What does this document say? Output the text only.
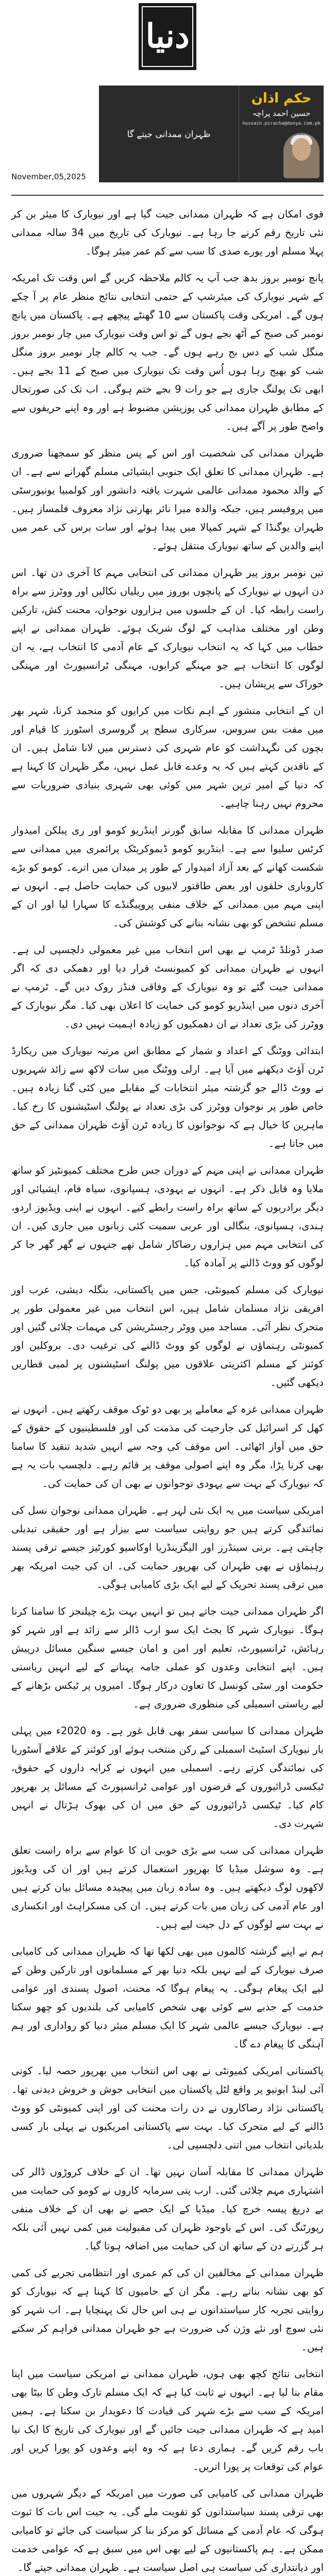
دنیا
November,05,2025
ظہران ممدانی جیتے گا
حکم اذان
حسین احمد پراچہ
hussain.piracha@dunya.com.pk

قوی امکان ہے کہ ظہران ممدانی جیت گیا ہے اور نیویارک کا میئر بن کر نئی تاریخ رقم کرنے جا رہا ہے۔ نیویارک کی تاریخ میں 34 سالہ ممدانی پہلا مسلم اور پورے صدی کا سب سے کم عمر میئر ہوگا۔

پانچ نومبر بروز بدھ جب آپ یہ کالم ملاحظہ کریں گے اس وقت تک امریکہ کے شہر نیویارک کی میئرشپ کے حتمی انتخابی نتائج منظر عام پر آ چکے ہوں گے۔ امریکی وقت پاکستان سے 10 گھنٹے پیچھے ہے۔ پاکستان میں پانچ نومبر کی صبح کے آٹھ بجے ہوں گے تو اس وقت نیویارک میں چار نومبر بروز منگل شب کے دس بج رہے ہوں گے۔ جب یہ کالم چار نومبر بروز منگل شب کو بھیج رہا ہوں اُس وقت تک نیویارک میں صبح کے 11 بجے ہیں۔ ابھی تک پولنگ جاری ہے جو رات 9 بجے ختم ہوگی۔ اب تک کی صورتحال کے مطابق ظہران ممدانی کی پوزیشن مضبوط ہے اور وہ اپنے حریفوں سے واضح طور پر آگے ہیں۔

ظہران ممدانی کی شخصیت اور اس کے پس منظر کو سمجھنا ضروری ہے۔ ظہران ممدانی کا تعلق ایک جنوبی ایشیائی مسلم گھرانے سے ہے۔ ان کے والد محمود ممدانی عالمی شہرت یافتہ دانشور اور کولمبیا یونیورسٹی میں پروفیسر ہیں، جبکہ والدہ میرا نائر بھارتی نژاد معروف فلمساز ہیں۔ ظہران یوگنڈا کے شہر کمپالا میں پیدا ہوئے اور سات برس کی عمر میں اپنے والدین کے ساتھ نیویارک منتقل ہوئے۔

تین نومبر بروز پیر ظہران ممدانی کی انتخابی مہم کا آخری دن تھا۔ اس دن انہوں نے نیویارک کے پانچوں بوروز میں ریلیاں نکالیں اور ووٹرز سے براہ راست رابطہ کیا۔ ان کے جلسوں میں ہزاروں نوجوان، محنت کش، تارکین وطن اور مختلف مذاہب کے لوگ شریک ہوئے۔ ظہران ممدانی نے اپنے خطاب میں کہا کہ یہ انتخاب نیویارک کے عام آدمی کا انتخاب ہے، یہ ان لوگوں کا انتخاب ہے جو مہنگے کرایوں، مہنگی ٹرانسپورٹ اور مہنگی خوراک سے پریشان ہیں۔

ان کے انتخابی منشور کے اہم نکات میں کرایوں کو منجمد کرنا، شہر بھر میں مفت بس سروس، سرکاری سطح پر گروسری اسٹورز کا قیام اور بچوں کی نگہداشت کو عام شہری کی دسترس میں لانا شامل ہیں۔ ان کے ناقدین کہتے ہیں کہ یہ وعدے قابل عمل نہیں، مگر ظہران کا کہنا ہے کہ دنیا کے امیر ترین شہر میں کوئی بھی شہری بنیادی ضروریات سے محروم نہیں رہنا چاہیے۔

ظہران ممدانی کا مقابلہ سابق گورنر اینڈریو کومو اور ری پبلکن امیدوار کرٹس سلیوا سے ہے۔ اینڈریو کومو ڈیموکریٹک پرائمری میں ممدانی سے شکست کھانے کے بعد آزاد امیدوار کے طور پر میدان میں اترے۔ کومو کو بڑے کاروباری حلقوں اور بعض طاقتور لابیوں کی حمایت حاصل ہے۔ انہوں نے اپنی مہم میں ممدانی کے خلاف منفی پروپیگنڈے کا سہارا لیا اور ان کے مسلم تشخص کو بھی نشانہ بنانے کی کوشش کی۔

صدر ڈونلڈ ٹرمپ نے بھی اس انتخاب میں غیر معمولی دلچسپی لی ہے۔ انہوں نے ظہران ممدانی کو کمیونسٹ قرار دیا اور دھمکی دی کہ اگر ممدانی جیت گئے تو وہ نیویارک کے وفاقی فنڈز روک دیں گے۔ ٹرمپ نے آخری دنوں میں اینڈریو کومو کی حمایت کا اعلان بھی کیا۔ مگر نیویارک کے ووٹرز کی بڑی تعداد نے ان دھمکیوں کو زیادہ اہمیت نہیں دی۔

ابتدائی ووٹنگ کے اعداد و شمار کے مطابق اس مرتبہ نیویارک میں ریکارڈ ٹرن آؤٹ دیکھنے میں آیا ہے۔ ارلی ووٹنگ میں سات لاکھ سے زائد شہریوں نے ووٹ ڈالے جو گزشتہ میئر انتخابات کے مقابلے میں کئی گنا زیادہ ہیں۔ خاص طور پر نوجوان ووٹرز کی بڑی تعداد نے پولنگ اسٹیشنوں کا رخ کیا۔ ماہرین کا خیال ہے کہ نوجوانوں کا زیادہ ٹرن آؤٹ ظہران ممدانی کے حق میں جاتا ہے۔

ظہران ممدانی نے اپنی مہم کے دوران جس طرح مختلف کمیونٹیز کو ساتھ ملایا وہ قابل ذکر ہے۔ انہوں نے یہودی، ہسپانوی، سیاہ فام، ایشیائی اور دیگر برادریوں کے ساتھ براہ راست رابطے کیے۔ انہوں نے اپنی ویڈیوز اردو، ہندی، ہسپانوی، بنگالی اور عربی سمیت کئی زبانوں میں جاری کیں۔ ان کی انتخابی مہم میں ہزاروں رضاکار شامل تھے جنہوں نے گھر گھر جا کر لوگوں کو ووٹ ڈالنے پر آمادہ کیا۔

نیویارک کی مسلم کمیونٹی، جس میں پاکستانی، بنگلہ دیشی، عرب اور افریقی نژاد مسلمان شامل ہیں، اس انتخاب میں غیر معمولی طور پر متحرک نظر آئی۔ مساجد میں ووٹر رجسٹریشن کی مہمات چلائی گئیں اور کمیونٹی رہنماؤں نے لوگوں کو ووٹ ڈالنے کی ترغیب دی۔ بروکلین اور کوئنز کے مسلم اکثریتی علاقوں میں پولنگ اسٹیشنوں پر لمبی قطاریں دیکھی گئیں۔

ظہران ممدانی غزہ کے معاملے پر بھی دو ٹوک موقف رکھتے ہیں۔ انہوں نے کھل کر اسرائیل کی جارحیت کی مذمت کی اور فلسطینیوں کے حقوق کے حق میں آواز اٹھائی۔ اس موقف کی وجہ سے انہیں شدید تنقید کا سامنا بھی کرنا پڑا، مگر وہ اپنے اصولی موقف پر قائم رہے۔ دلچسپ بات یہ ہے کہ نیویارک کے بہت سے یہودی نوجوانوں نے بھی ان کی حمایت کی۔

امریکی سیاست میں یہ ایک نئی لہر ہے۔ ظہران ممدانی نوجوان نسل کی نمائندگی کرتے ہیں جو روایتی سیاست سے بیزار ہے اور حقیقی تبدیلی چاہتی ہے۔ برنی سینڈرز اور الیگزینڈریا اوکاسیو کورٹیز جیسے ترقی پسند رہنماؤں نے بھی ظہران کی بھرپور حمایت کی۔ ان کی جیت امریکہ بھر میں ترقی پسند تحریک کے لیے ایک بڑی کامیابی ہوگی۔

اگر ظہران ممدانی جیت جاتے ہیں تو انہیں بہت بڑے چیلنجز کا سامنا کرنا ہوگا۔ نیویارک شہر کا بجٹ ایک سو ارب ڈالر سے زائد ہے اور شہر کو رہائش، ٹرانسپورٹ، تعلیم اور امن و امان جیسے سنگین مسائل درپیش ہیں۔ اپنے انتخابی وعدوں کو عملی جامہ پہنانے کے لیے انہیں ریاستی حکومت اور سٹی کونسل کا تعاون درکار ہوگا۔ امیروں پر ٹیکس بڑھانے کے لیے ریاستی اسمبلی کی منظوری ضروری ہے۔

ظہران ممدانی کا سیاسی سفر بھی قابل غور ہے۔ وہ 2020ء میں پہلی بار نیویارک اسٹیٹ اسمبلی کے رکن منتخب ہوئے اور کوئنز کے علاقے آسٹوریا کی نمائندگی کرتے رہے۔ اسمبلی میں انہوں نے کرایہ داروں کے حقوق، ٹیکسی ڈرائیوروں کے قرضوں اور عوامی ٹرانسپورٹ کے مسائل پر بھرپور کام کیا۔ ٹیکسی ڈرائیوروں کے حق میں ان کی بھوک ہڑتال نے انہیں شہرت دی۔

ظہران ممدانی کی سب سے بڑی خوبی ان کا عوام سے براہ راست تعلق ہے۔ وہ سوشل میڈیا کا بھرپور استعمال کرتے ہیں اور ان کی ویڈیوز لاکھوں لوگ دیکھتے ہیں۔ وہ سادہ زبان میں پیچیدہ مسائل بیان کرتے ہیں اور عام آدمی کی زبان میں بات کرتے ہیں۔ ان کی مسکراہٹ اور انکساری نے بہت سے لوگوں کے دل جیت لیے ہیں۔

ہم نے اپنے گزشتہ کالموں میں بھی لکھا تھا کہ ظہران ممدانی کی کامیابی صرف نیویارک کے لیے نہیں بلکہ دنیا بھر کے مسلمانوں اور تارکین وطن کے لیے ایک پیغام ہوگی۔ یہ پیغام ہوگا کہ محنت، اصول پسندی اور عوامی خدمت کے جذبے سے کوئی بھی شخص کامیابی کی بلندیوں کو چھو سکتا ہے۔ نیویارک جیسے عالمی شہر کا ایک مسلم میئر دنیا کو رواداری اور ہم آہنگی کا پیغام دے گا۔

پاکستانی امریکی کمیونٹی نے بھی اس انتخاب میں بھرپور حصہ لیا۔ کونی آئی لینڈ ایونیو پر واقع لٹل پاکستان میں انتخابی جوش و خروش دیدنی تھا۔ پاکستانی نژاد رضاکاروں نے دن رات محنت کی اور اپنی کمیونٹی کو ووٹ ڈالنے کے لیے متحرک کیا۔ بہت سے پاکستانی امریکیوں نے پہلی بار کسی بلدیاتی انتخاب میں اتنی دلچسپی لی۔

ظہران ممدانی کا مقابلہ آسان نہیں تھا۔ ان کے خلاف کروڑوں ڈالر کی اشتہاری مہم چلائی گئی۔ ارب پتی سرمایہ کاروں نے کومو کی حمایت میں بے دریغ پیسہ خرچ کیا۔ میڈیا کے ایک حصے نے بھی ان کے خلاف منفی رپورٹنگ کی۔ اس کے باوجود ظہران کی مقبولیت میں کمی نہیں آئی بلکہ ہر گزرتے دن کے ساتھ ان کی حمایت میں اضافہ ہوتا گیا۔

ظہران ممدانی کے مخالفین ان کی کم عمری اور انتظامی تجربے کی کمی کو بھی نشانہ بناتے رہے۔ مگر ان کے حامیوں کا کہنا ہے کہ نیویارک کو روایتی تجربہ کار سیاستدانوں نے ہی اس حال تک پہنچایا ہے۔ اب شہر کو نئی سوچ اور نئے وژن کی ضرورت ہے جو ظہران ممدانی فراہم کر سکتے ہیں۔

انتخابی نتائج کچھ بھی ہوں، ظہران ممدانی نے امریکی سیاست میں اپنا مقام بنا لیا ہے۔ انہوں نے ثابت کیا ہے کہ ایک مسلم تارک وطن کا بیٹا بھی امریکہ کے سب سے بڑے شہر کی قیادت کا دعویدار بن سکتا ہے۔ ہمیں امید ہے کہ ظہران ممدانی جیت جائیں گے اور نیویارک کی تاریخ کا ایک نیا باب رقم کریں گے۔ ہماری دعا ہے کہ وہ اپنے وعدوں کو پورا کریں اور عوام کی توقعات پر پورا اتریں۔

ظہران ممدانی کی کامیابی کی صورت میں امریکہ کے دیگر شہروں میں بھی ترقی پسند سیاستدانوں کو تقویت ملے گی۔ یہ جیت اس بات کا ثبوت ہوگی کہ عام آدمی کے مسائل کو مرکز بنا کر سیاست کی جائے تو کامیابی ممکن ہے۔ ہم پاکستانیوں کے لیے بھی اس میں سبق ہے کہ عوامی خدمت اور دیانتداری کی سیاست ہی اصل سیاست ہے۔ ظہران ممدانی جیتے گا۔
